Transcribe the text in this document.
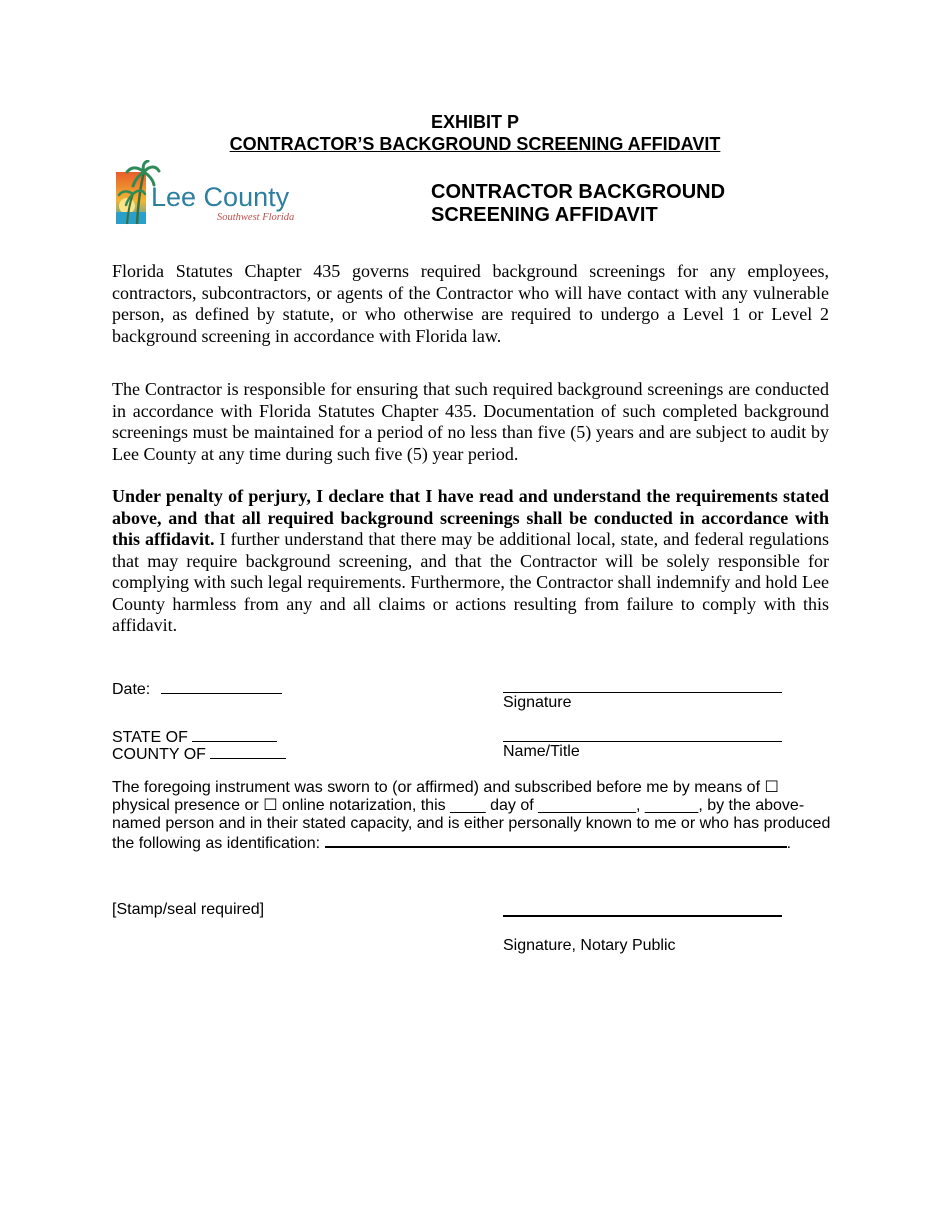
EXHIBIT P
CONTRACTOR’S BACKGROUND SCREENING AFFIDAVIT
Lee County
Southwest Florida
CONTRACTOR BACKGROUND
SCREENING AFFIDAVIT

Florida Statutes Chapter 435 governs required background screenings for any employees, contractors, subcontractors, or agents of the Contractor who will have contact with any vulnerable person, as defined by statute, or who otherwise are required to undergo a Level 1 or Level 2 background screening in accordance with Florida law.

The Contractor is responsible for ensuring that such required background screenings are conducted in accordance with Florida Statutes Chapter 435. Documentation of such completed background screenings must be maintained for a period of no less than five (5) years and are subject to audit by Lee County at any time during such five (5) year period.

Under penalty of perjury, I declare that I have read and understand the requirements stated above, and that all required background screenings shall be conducted in accordance with this affidavit. I further understand that there may be additional local, state, and federal regulations that may require background screening, and that the Contractor will be solely responsible for complying with such legal requirements. Furthermore, the Contractor shall indemnify and hold Lee County harmless from any and all claims or actions resulting from failure to comply with this affidavit.

Date:
Signature
STATE OF
COUNTY OF	Name/Title

The foregoing instrument was sworn to (or affirmed) and subscribed before me by means of ☐ physical presence or ☐ online notarization, this ____ day of ___________, ______, by the above-named person and in their stated capacity, and is either personally known to me or who has produced the following as identification:	.

[Stamp/seal required]
Signature, Notary Public
